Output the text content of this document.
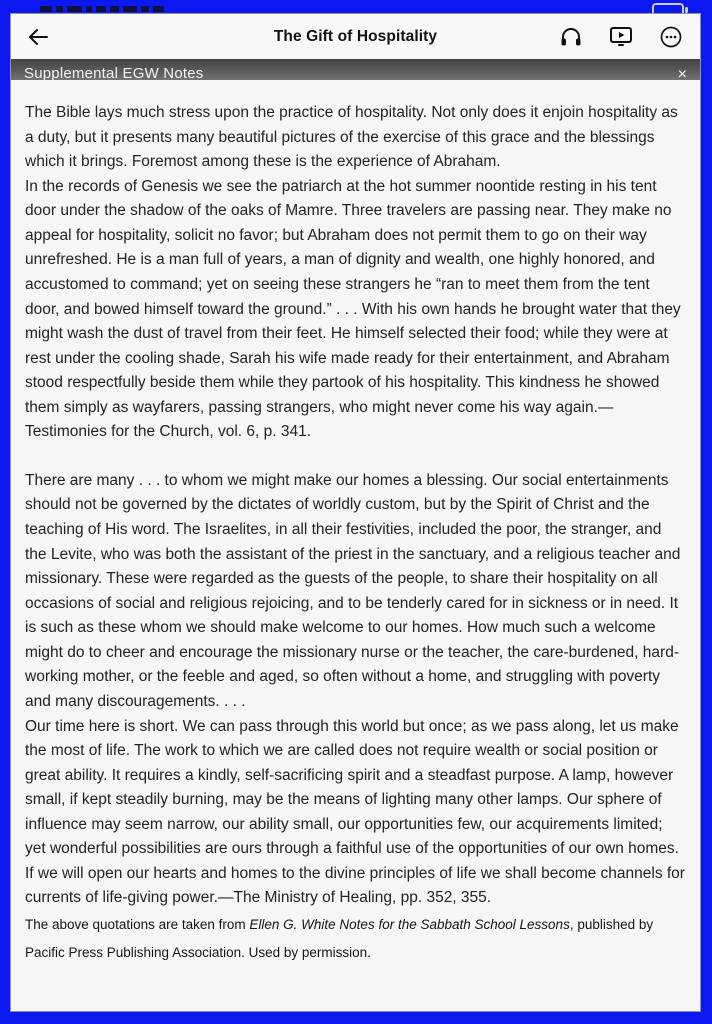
The Gift of Hospitality
Supplemental EGW Notes	×

The Bible lays much stress upon the practice of hospitality. Not only does it enjoin hospitality as a duty, but it presents many beautiful pictures of the exercise of this grace and the blessings which it brings. Foremost among these is the experience of Abraham.

In the records of Genesis we see the patriarch at the hot summer noontide resting in his tent door under the shadow of the oaks of Mamre. Three travelers are passing near. They make no appeal for hospitality, solicit no favor; but Abraham does not permit them to go on their way unrefreshed. He is a man full of years, a man of dignity and wealth, one highly honored, and accustomed to command; yet on seeing these strangers he “ran to meet them from the tent door, and bowed himself toward the ground.” . . . With his own hands he brought water that they might wash the dust of travel from their feet. He himself selected their food; while they were at rest under the cooling shade, Sarah his wife made ready for their entertainment, and Abraham stood respectfully beside them while they partook of his hospitality. This kindness he showed them simply as wayfarers, passing strangers, who might never come his way again.—Testimonies for the Church, vol. 6, p. 341.

There are many . . . to whom we might make our homes a blessing. Our social entertainments should not be governed by the dictates of worldly custom, but by the Spirit of Christ and the teaching of His word. The Israelites, in all their festivities, included the poor, the stranger, and the Levite, who was both the assistant of the priest in the sanctuary, and a religious teacher and missionary. These were regarded as the guests of the people, to share their hospitality on all occasions of social and religious rejoicing, and to be tenderly cared for in sickness or in need. It is such as these whom we should make welcome to our homes. How much such a welcome might do to cheer and encourage the missionary nurse or the teacher, the care-burdened, hard-working mother, or the feeble and aged, so often without a home, and struggling with poverty and many discouragements. . . .

Our time here is short. We can pass through this world but once; as we pass along, let us make the most of life. The work to which we are called does not require wealth or social position or great ability. It requires a kindly, self-sacrificing spirit and a steadfast purpose. A lamp, however small, if kept steadily burning, may be the means of lighting many other lamps. Our sphere of influence may seem narrow, our ability small, our opportunities few, our acquirements limited; yet wonderful possibilities are ours through a faithful use of the opportunities of our own homes. If we will open our hearts and homes to the divine principles of life we shall become channels for currents of life-giving power.—The Ministry of Healing, pp. 352, 355.

The above quotations are taken from Ellen G. White Notes for the Sabbath School Lessons, published by Pacific Press Publishing Association. Used by permission.
